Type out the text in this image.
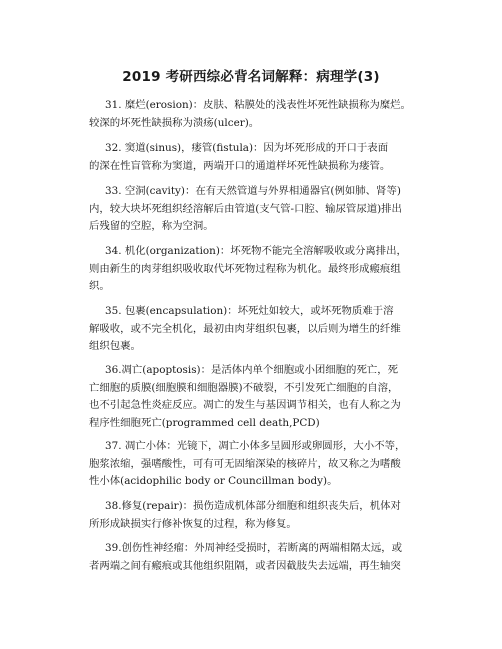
2019 考研西综必背名词解释：病理学(3)
31. 糜烂(erosion)：皮肤、粘膜处的浅表性坏死性缺损称为糜烂。
较深的坏死性缺损称为溃疡(ulcer)。
32. 窦道(sinus)，瘘管(fistula)：因为坏死形成的开口于表面
的深在性盲管称为窦道，两端开口的通道样坏死性缺损称为瘘管。
33. 空洞(cavity)：在有天然管道与外界相通器官(例如肺、肾等)
内，较大块坏死组织经溶解后由管道(支气管-口腔、输尿管尿道)排出
后残留的空腔，称为空洞。
34. 机化(organization)：坏死物不能完全溶解吸收或分离排出，
则由新生的肉芽组织吸收取代坏死物过程称为机化。最终形成瘢痕组
织。
35. 包裹(encapsulation)：坏死灶如较大，或坏死物质难于溶
解吸收，或不完全机化，最初由肉芽组织包裹，以后则为增生的纤维
组织包裹。
36.凋亡(apoptosis)：是活体内单个细胞或小团细胞的死亡，死
亡细胞的质膜(细胞膜和细胞器膜)不破裂，不引发死亡细胞的自溶，
也不引起急性炎症反应。凋亡的发生与基因调节相关，也有人称之为
程序性细胞死亡(programmed cell death,PCD)
37. 凋亡小体：光镜下，凋亡小体多呈圆形或卵圆形，大小不等，
胞浆浓缩，强嗜酸性，可有可无固缩深染的核碎片，故又称之为嗜酸
性小体(acidophilic body or Councillman body)。
38.修复(repair)：损伤造成机体部分细胞和组织丧失后，机体对
所形成缺损实行修补恢复的过程，称为修复。
39.创伤性神经瘤：外周神经受损时，若断离的两端相隔太远，或
者两端之间有瘢痕或其他组织阻隔，或者因截肢失去远端，再生轴突
